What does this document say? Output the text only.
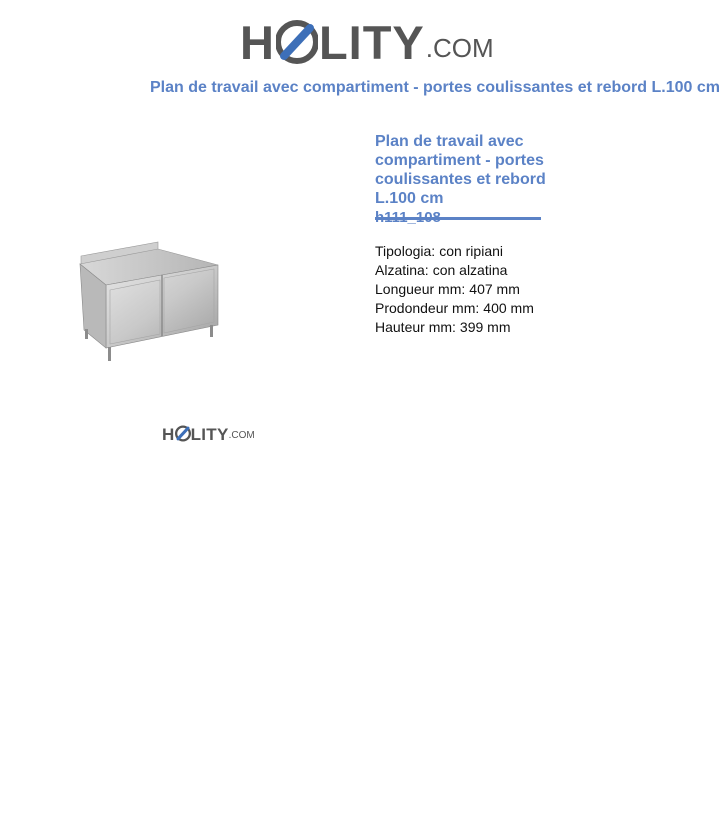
H LITY .COM
Plan de travail avec compartiment - portes coulissantes et rebord L.100 cm
H LITY .COM
Plan de travail avec compartiment - portes coulissantes et rebord L.100 cm
Tipologia: con ripiani
Alzatina: con alzatina
Longueur mm: 407 mm
Prodondeur mm: 400 mm
Hauteur mm: 399 mm
